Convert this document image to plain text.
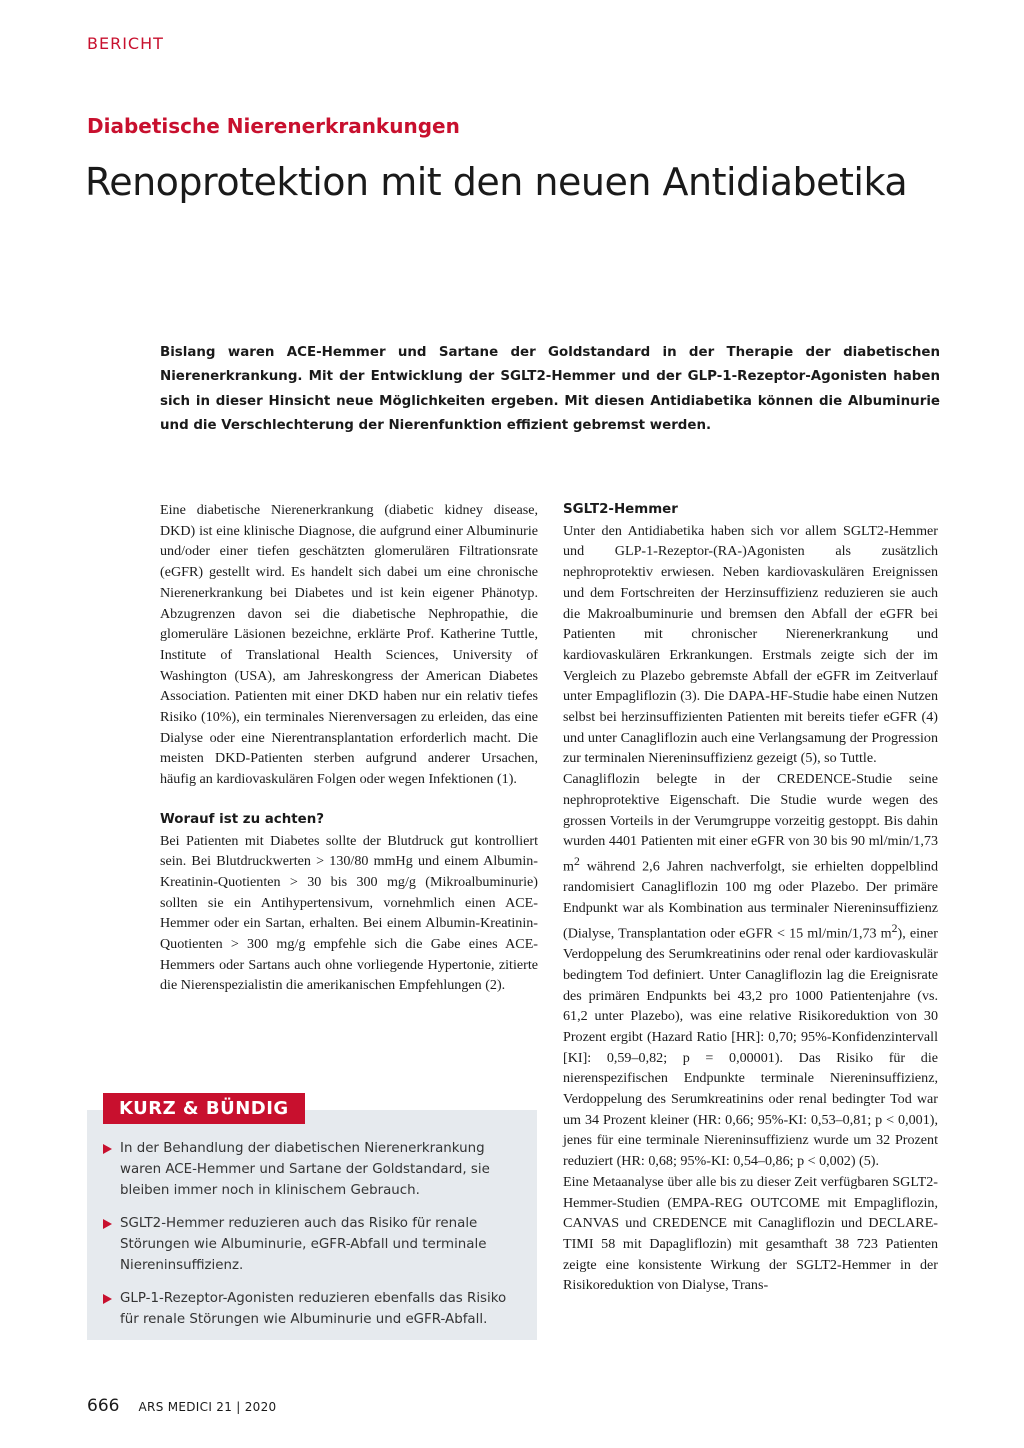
BERICHT
Diabetische Nierenerkrankungen
Renoprotektion mit den neuen Antidiabetika
Bislang waren ACE-Hemmer und Sartane der Goldstandard in der Therapie der diabetischen Nierenerkrankung. Mit der Entwicklung der SGLT2-Hemmer und der GLP-1-Rezeptor-Agonisten haben sich in dieser Hinsicht neue Möglichkeiten ergeben. Mit diesen Antidiabetika können die Albuminurie und die Verschlechterung der Nierenfunktion effizient gebremst werden.

Eine diabetische Nierenerkrankung (diabetic kidney disease, DKD) ist eine klinische Diagnose, die aufgrund einer Albuminurie und/oder einer tiefen geschätzten glomerulären Filtrationsrate (eGFR) gestellt wird. Es handelt sich dabei um eine chronische Nierenerkrankung bei Diabetes und ist kein eigener Phänotyp. Abzugrenzen davon sei die diabetische Nephropathie, die glomeruläre Läsionen bezeichne, erklärte Prof. Katherine Tuttle, Institute of Translational Health Sciences, University of Washington (USA), am Jahreskongress der American Diabetes Association. Patienten mit einer DKD haben nur ein relativ tiefes Risiko (10%), ein terminales Nierenversagen zu erleiden, das eine Dialyse oder eine Nierentransplantation erforderlich macht. Die meisten DKD-Patienten sterben aufgrund anderer Ursachen, häufig an kardiovaskulären Folgen oder wegen Infektionen (1).

Worauf ist zu achten?

Bei Patienten mit Diabetes sollte der Blutdruck gut kontrolliert sein. Bei Blutdruckwerten > 130/80 mmHg und einem Albumin-Kreatinin-Quotienten > 30 bis 300 mg/g (Mikroalbuminurie) sollten sie ein Antihypertensivum, vornehmlich einen ACE-Hemmer oder ein Sartan, erhalten. Bei einem Albumin-Kreatinin-Quotienten > 300 mg/g empfehle sich die Gabe eines ACE-Hemmers oder Sartans auch ohne vorliegende Hypertonie, zitierte die Nierenspezialistin die amerikanischen Empfehlungen (2).

SGLT2-Hemmer

Unter den Antidiabetika haben sich vor allem SGLT2-Hemmer und GLP-1-Rezeptor-(RA-)Agonisten als zusätzlich nephroprotektiv erwiesen. Neben kardiovaskulären Ereignissen und dem Fortschreiten der Herzinsuffizienz reduzieren sie auch die Makroalbuminurie und bremsen den Abfall der eGFR bei Patienten mit chronischer Nierenerkrankung und kardiovaskulären Erkrankungen. Erstmals zeigte sich der im Vergleich zu Plazebo gebremste Abfall der eGFR im Zeitverlauf unter Empagliflozin (3). Die DAPA-HF-Studie habe einen Nutzen selbst bei herzinsuffizienten Patienten mit bereits tiefer eGFR (4) und unter Canagliflozin auch eine Verlangsamung der Progression zur terminalen Niereninsuffizienz gezeigt (5), so Tuttle.

Canagliflozin belegte in der CREDENCE-Studie seine nephroprotektive Eigenschaft. Die Studie wurde wegen des grossen Vorteils in der Verumgruppe vorzeitig gestoppt. Bis dahin wurden 4401 Patienten mit einer eGFR von 30 bis 90 ml/min/1,73 $m^2$ während 2,6 Jahren nachverfolgt, sie erhielten doppelblind randomisiert Canagliflozin 100 mg oder Plazebo. Der primäre Endpunkt war als Kombination aus terminaler Niereninsuffizienz (Dialyse, Transplantation oder eGFR < 15 ml/min/1,73 $m^2$), einer Verdoppelung des Serumkreatinins oder renal oder kardiovaskulär bedingtem Tod definiert. Unter Canagliflozin lag die Ereignisrate des primären Endpunkts bei 43,2 pro 1000 Patientenjahre (vs. 61,2 unter Plazebo), was eine relative Risikoreduktion von 30 Prozent ergibt (Hazard Ratio [HR]: 0,70; 95%-Konfidenzintervall [KI]: 0,59–0,82; p = 0,00001). Das Risiko für die nierenspezifischen Endpunkte terminale Niereninsuffizienz, Verdoppelung des Serumkreatinins oder renal bedingter Tod war um 34 Prozent kleiner (HR: 0,66; 95%-KI: 0,53–0,81; p < 0,001), jenes für eine terminale Niereninsuffizienz wurde um 32 Prozent reduziert (HR: 0,68; 95%-KI: 0,54–0,86; p < 0,002) (5).

Eine Metaanalyse über alle bis zu dieser Zeit verfügbaren SGLT2-Hemmer-Studien (EMPA-REG OUTCOME mit Empagliflozin, CANVAS und CREDENCE mit Canagliflozin und DECLARE-TIMI 58 mit Dapagliflozin) mit gesamthaft 38 723 Patienten zeigte eine konsistente Wirkung der SGLT2-Hemmer in der Risikoreduktion von Dialyse, Trans-

KURZ & BÜNDIG
In der Behandlung der diabetischen Nierenerkrankung waren ACE-Hemmer und Sartane der Goldstandard, sie bleiben immer noch in klinischem Gebrauch.
SGLT2-Hemmer reduzieren auch das Risiko für renale Störungen wie Albuminurie, eGFR-Abfall und terminale Niereninsuffizienz.
GLP-1-Rezeptor-Agonisten reduzieren ebenfalls das Risiko für renale Störungen wie Albuminurie und eGFR-Abfall.
666 ARS MEDICI 21 | 2020
